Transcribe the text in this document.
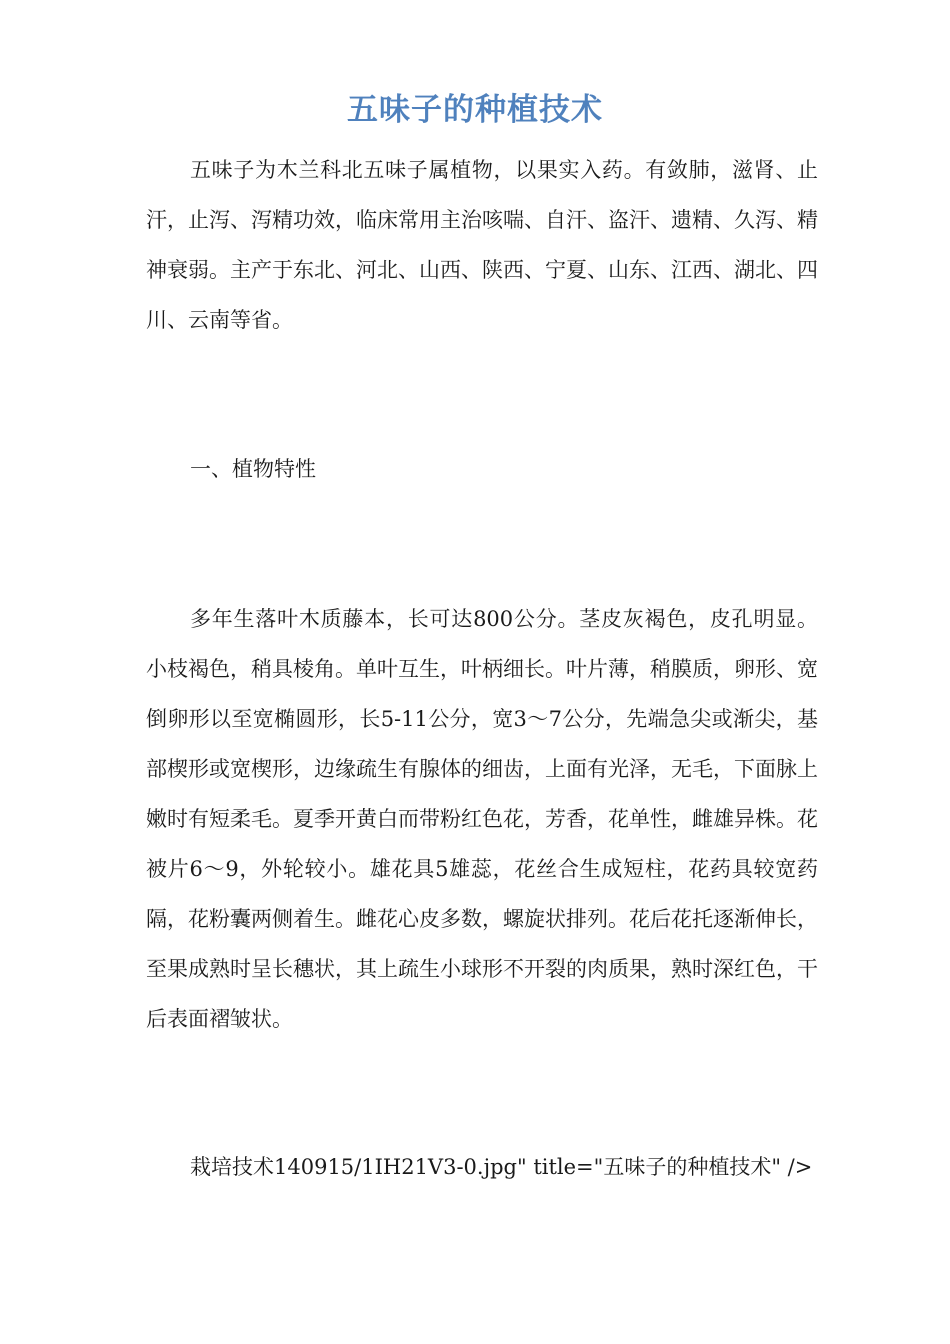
五味子的种植技术

五味子为木兰科北五味子属植物，以果实入药。有敛肺，滋肾、止汗，止泻、泻精功效，临床常用主治咳喘、自汗、盗汗、遗精、久泻、精神衰弱。主产于东北、河北、山西、陕西、宁夏、山东、江西、湖北、四川、云南等省。

一、植物特性

多年生落叶木质藤本，长可达800公分。茎皮灰褐色，皮孔明显。小枝褐色，稍具棱角。单叶互生，叶柄细长。叶片薄，稍膜质，卵形、宽倒卵形以至宽椭圆形，长5-11公分，宽3～7公分，先端急尖或渐尖，基部楔形或宽楔形，边缘疏生有腺体的细齿，上面有光泽，无毛，下面脉上嫩时有短柔毛。夏季开黄白而带粉红色花，芳香，花单性，雌雄异株。花被片6～9，外轮较小。雄花具5雄蕊，花丝合生成短柱，花药具较宽药隔，花粉囊两侧着生。雌花心皮多数，螺旋状排列。花后花托逐渐伸长，至果成熟时呈长穗状，其上疏生小球形不开裂的肉质果，熟时深红色，干后表面褶皱状。

栽培技术140915/1IH21V3-0.jpg" title="五味子的种植技术" />
